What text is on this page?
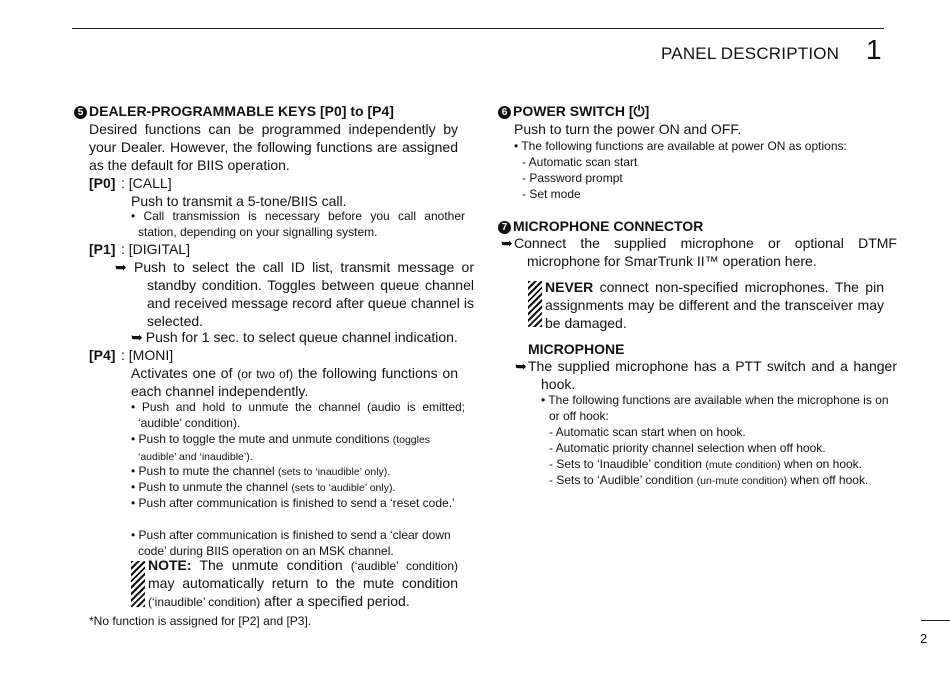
PANEL DESCRIPTION 1
5 DEALER-PROGRAMMABLE KEYS [P0] to [P4]
Desired functions can be programmed independently by your Dealer. However, the following functions are assigned as the default for BIIS operation.
[P0] : [CALL]
Push to transmit a 5-tone/BIIS call.
• Call transmission is necessary before you call another station, depending on your signalling system.
[P1] : [DIGITAL]
➥ Push to select the call ID list, transmit message or standby condition. Toggles between queue channel and received message record after queue channel is selected.
➥ Push for 1 sec. to select queue channel indication.
[P4] : [MONI]
Activates one of (or two of) the following functions on each channel independently.
• Push and hold to unmute the channel (audio is emitted; ‘audible’ condition).
• Push to toggle the mute and unmute conditions (toggles ‘audible’ and ‘inaudible’).
• Push to mute the channel (sets to ‘inaudible’ only).
• Push to unmute the channel (sets to ‘audible’ only).
• Push after communication is finished to send a ‘reset code.’
• Push after communication is finished to send a ‘clear down code’ during BIIS operation on an MSK channel.
NOTE: The unmute condition (‘audible’ condition) may automatically return to the mute condition (‘inaudible’ condition) after a specified period.
*No function is assigned for [P2] and [P3].
6 POWER SWITCH [⏻]
Push to turn the power ON and OFF.
• The following functions are available at power ON as options:
- Automatic scan start
- Password prompt
- Set mode
7 MICROPHONE CONNECTOR
➥Connect the supplied microphone or optional DTMF microphone for SmarTrunk II™ operation here.
NEVER connect non-specified microphones. The pin assignments may be different and the transceiver may be damaged.
MICROPHONE
➥The supplied microphone has a PTT switch and a hanger hook.
• The following functions are available when the microphone is on or off hook:
- Automatic scan start when on hook.
- Automatic priority channel selection when off hook.
- Sets to ‘Inaudible’ condition (mute condition) when on hook.
- Sets to ‘Audible’ condition (un-mute condition) when off hook.
2
